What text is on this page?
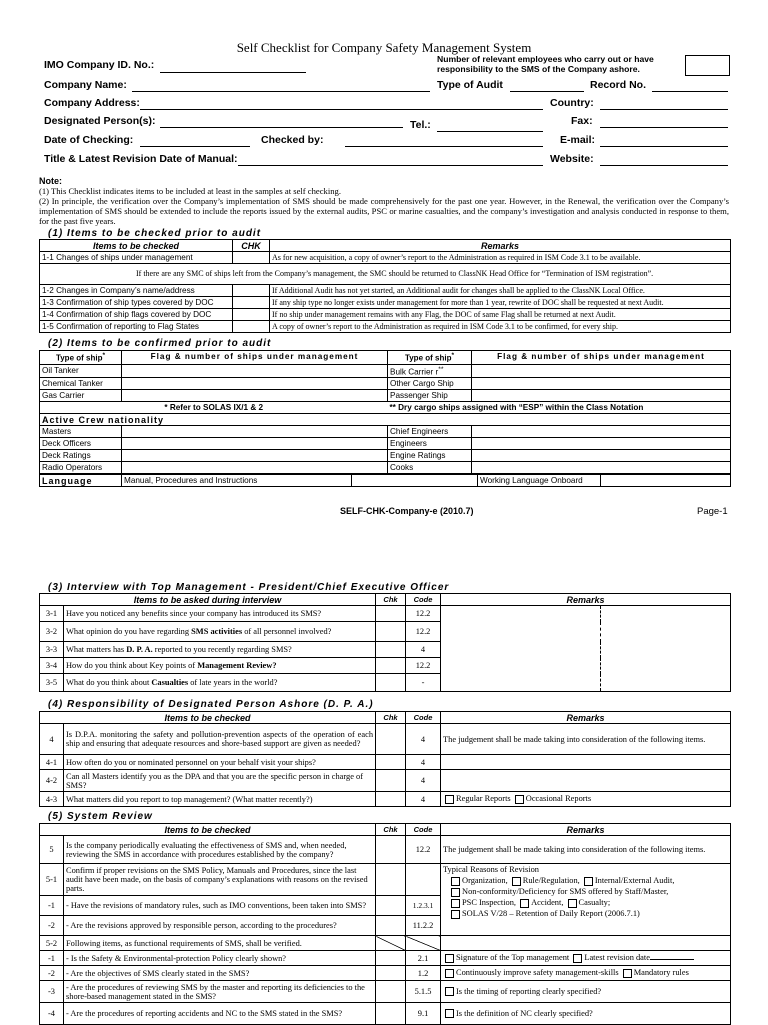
Self Checklist for Company Safety Management System
IMO Company ID. No.:	Number of relevant employees who carry out or have responsibility to the SMS of the Company ashore.
Company Name:	Type of Audit	Record No.
Company Address:	Country:
Designated Person(s):	Tel.:	Fax:
Date of Checking:	Checked by:	E-mail:
Title & Latest Revision Date of Manual:	Website:
Note:
(1) This Checklist indicates items to be included at least in the samples at self checking.
(2) In principle, the verification over the Company’s implementation of SMS should be made comprehensively for the past one year. However, in the Renewal, the verification over the Company’s implementation of SMS should be extended to include the reports issued by the external audits, PSC or marine casualties, and the company’s investigation and analysis conducted in response to them, for the past five years.
(1) Items to be checked prior to audit
Items to be checked	CHK	Remarks
1-1 Changes of ships under management		As for new acquisition, a copy of owner’s report to the Administration as required in ISM Code 3.1 to be available.
If there are any SMC of ships left from the Company’s management, the SMC should be returned to ClassNK Head Office for “Termination of ISM registration”.		
1-2 Changes in Company’s name/address		If Additional Audit has not yet started, an Additional audit for changes shall be applied to the ClassNK Local Office.
1-3 Confirmation of ship types covered by DOC		If any ship type no longer exists under management for more than 1 year, rewrite of DOC shall be requested at next Audit.
1-4 Confirmation of ship flags covered by DOC		If no ship under management remains with any Flag, the DOC of same Flag shall be returned at next Audit.
1-5 Confirmation of reporting to Flag States		A copy of owner’s report to the Administration as required in ISM Code 3.1 to be confirmed, for every ship.
(2) Items to be confirmed prior to audit
Type of ship*	Flag & number of ships under management	Type of ship*	Flag & number of ships under management
Oil Tanker		Bulk Carrier r**	
Chemical Tanker		Other Cargo Ship	
Gas Carrier		Passenger Ship	
* Refer to SOLAS IX/1 & 2		** Dry cargo ships assigned with “ESP” within the Class Notation	
Active Crew nationality			
Masters		Chief Engineers	
Deck Officers		Engineers	
Deck Ratings		Engine Ratings	
Radio Operators		Cooks	
Language	Manual, Procedures and Instructions		Working Language Onboard	
SELF-CHK-Company-e (2010.7)	Page-1
(3) Interview with Top Management - President/Chief Executive Officer
Items to be asked during interview		Chk	Code	Remarks	
3-1	Have you noticed any benefits since your company has introduced its SMS?		12.2		
3-2	What opinion do you have regarding SMS activities of all personnel involved?		12.2		
3-3	What matters has D. P. A. reported to you recently regarding SMS?		4		
3-4	How do you think about Key points of Management Review?		12.2		
3-5	What do you think about Casualties of late years in the world?		-		
(4) Responsibility of Designated Person Ashore (D. P. A.)
Items to be checked		Chk	Code	Remarks
4	Is D.P.A. monitoring the safety and pollution-prevention aspects of the operation of each ship and ensuring that adequate resources and shore-based support are given as needed?		4	The judgement shall be made taking into consideration of the following items.
4-1	How often do you or nominated personnel on your behalf visit your ships?		4	
4-2	Can all Masters identify you as the DPA and that you are the specific person in charge of SMS?		4	
4-3	What matters did you report to top management? (What matter recently?)		4	Regular Reports Occasional Reports
(5) System Review
Items to be checked		Chk	Code	Remarks
5	Is the company periodically evaluating the effectiveness of SMS and, when needed, reviewing the SMS in accordance with procedures established by the company?		12.2	The judgement shall be made taking into consideration of the following items.
5-1	Confirm if proper revisions on the SMS Policy, Manuals and Procedures, since the last audit have been made, on the basis of company’s explanations with reasons on the revised parts.			Typical Reasons of Revision
Organization, Rule/Regulation, Internal/External Audit,
Non-conformity/Deficiency for SMS offered by Staff/Master,
PSC Inspection, Accident, Casualty;
SOLAS V/28 – Retention of Daily Report (2006.7.1)

-1	- Have the revisions of mandatory rules, such as IMO conventions, been taken into SMS?		1.2.3.1	
-2	- Are the revisions approved by responsible person, according to the procedures?		11.2.2	
5-2	Following items, as functional requirements of SMS, shall be verified.			
-1	- Is the Safety & Environmental-protection Policy clearly shown?		2.1	Signature of the Top management Latest revision date
-2	- Are the objectives of SMS clearly stated in the SMS?		1.2	Continuously improve safety management-skills Mandatory rules
-3	- Are the procedures of reviewing SMS by the master and reporting its deficiencies to the shore-based management stated in the SMS?		5.1.5	Is the timing of reporting clearly specified?
-4	- Are the procedures of reporting accidents and NC to the SMS stated in the SMS?		9.1	Is the definition of NC clearly specified?
